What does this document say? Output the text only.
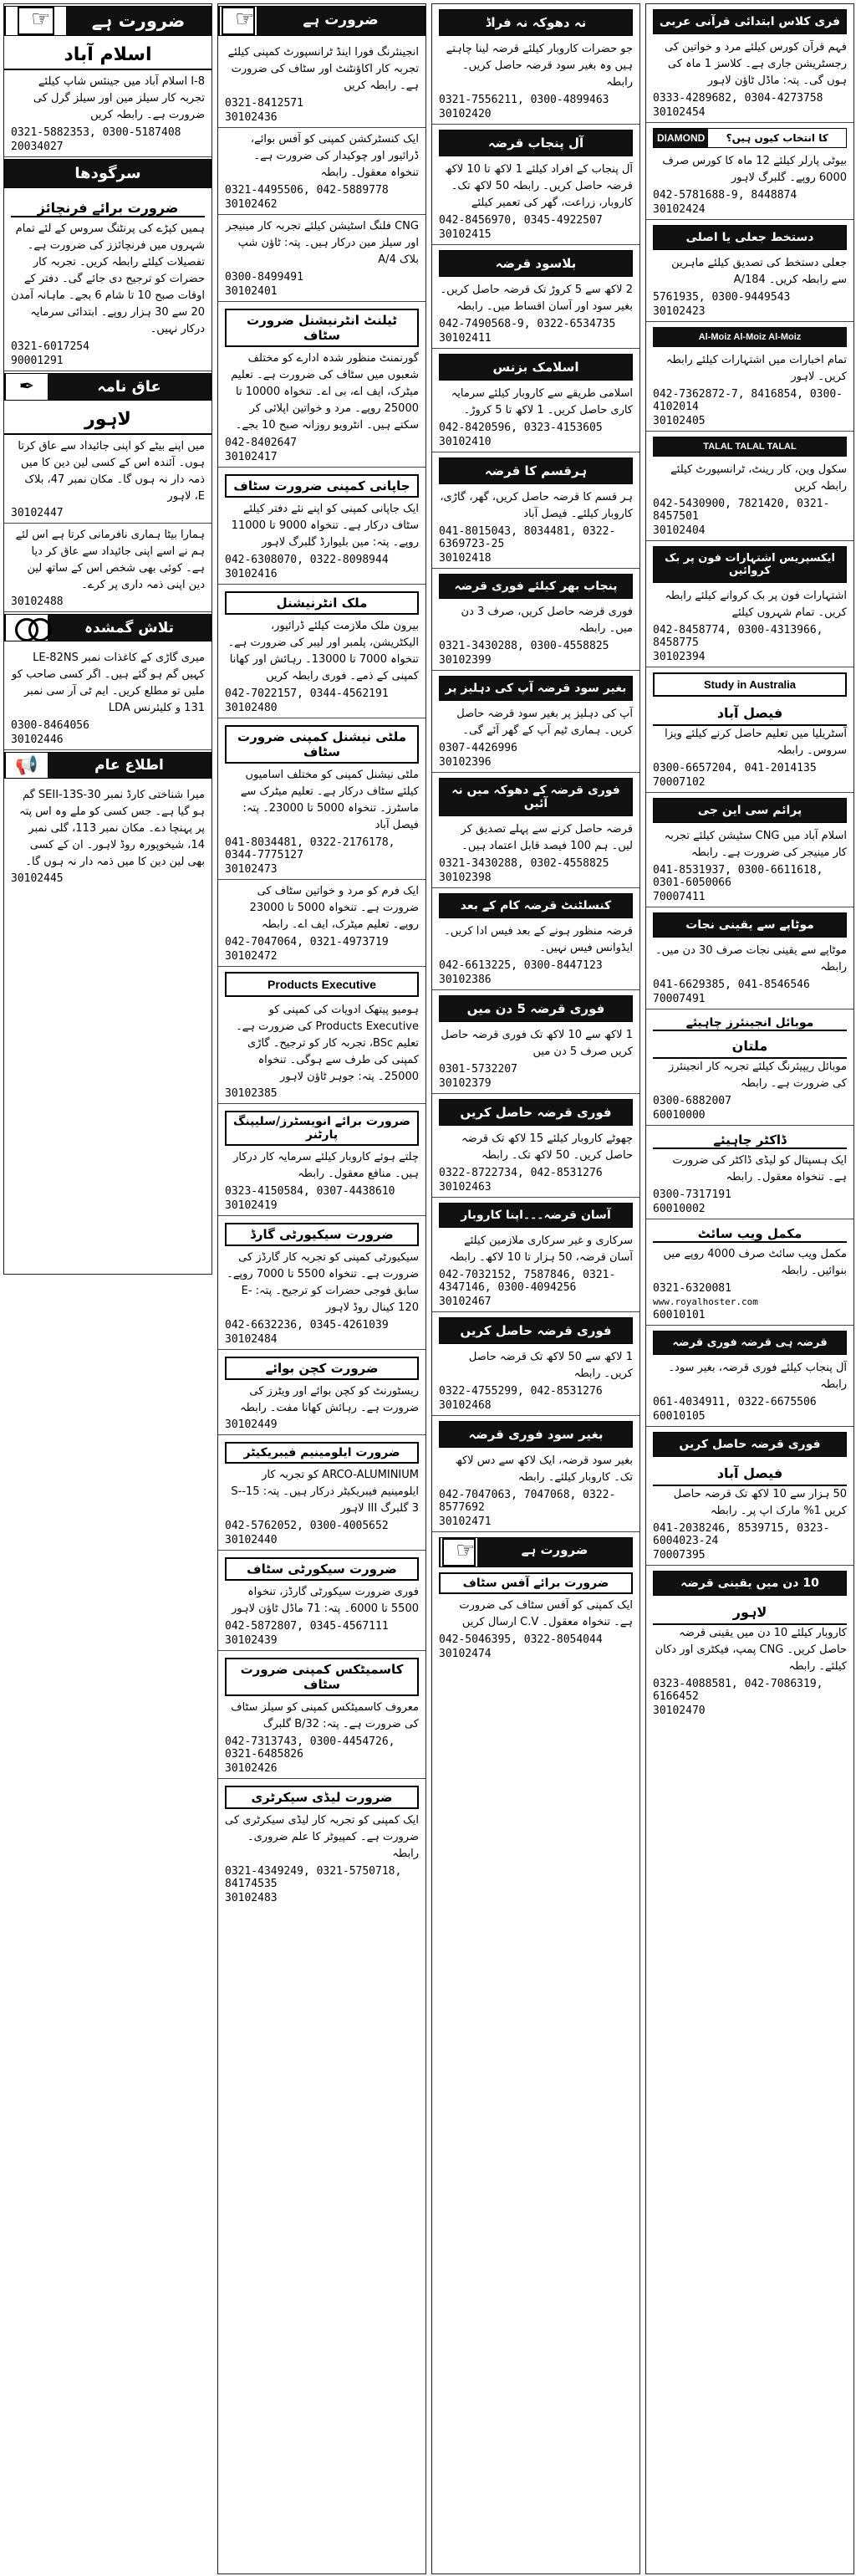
☞
ضرورت ہے
اسلام آباد
I-8 اسلام آباد میں جینئس شاپ کیلئے تجربہ کار سیلز مین اور سیلز گرل کی ضرورت ہے۔ رابطہ کریں
0321-5882353, 0300-5187408
20034027
سرگودھا
ضرورت برائے فرنچائز
ہمیں کپڑے کی پرنٹنگ سروس کے لئے تمام شہروں میں فرنچائزز کی ضرورت ہے۔ تفصیلات کیلئے رابطہ کریں۔ تجربہ کار حضرات کو ترجیح دی جائے گی۔ دفتر کے اوقات صبح 10 تا شام 6 بجے۔ ماہانہ آمدن 20 سے 30 ہزار روپے۔ ابتدائی سرمایہ درکار نہیں۔
0321-6017254
90001291
✒	عاق نامہ
لاہور
میں اپنے بیٹے کو اپنی جائیداد سے عاق کرتا ہوں۔ آئندہ اس کے کسی لین دین کا میں ذمہ دار نہ ہوں گا۔ مکان نمبر 47، بلاک E، لاہور
30102447
ہمارا بیٹا ہماری نافرمانی کرتا ہے اس لئے ہم نے اسے اپنی جائیداد سے عاق کر دیا ہے۔ کوئی بھی شخص اس کے ساتھ لین دین اپنی ذمہ داری پر کرے۔
30102488
تلاش گمشدہ
میری گاڑی کے کاغذات نمبر LE-82NS کہیں گم ہو گئے ہیں۔ اگر کسی صاحب کو ملیں تو مطلع کریں۔ ایم ٹی آر سی نمبر 131 و کلیئرنس LDA
0300-8464056
30102446
📢	اطلاع عام
میرا شناختی کارڈ نمبر SEII-13S-30 گم ہو گیا ہے۔ جس کسی کو ملے وہ اس پتہ پر پہنچا دے۔ مکان نمبر 113، گلی نمبر 14، شیخوپورہ روڈ لاہور۔ ان کے کسی بھی لین دین کا میں ذمہ دار نہ ہوں گا۔
30102445
☞
ضرورت ہے
انجینئرنگ فورا اینڈ ٹرانسپورٹ کمپنی کیلئے تجربہ کار اکاؤنٹنٹ اور سٹاف کی ضرورت ہے۔ رابطہ کریں
0321-8412571
30102436
ایک کنسٹرکشن کمپنی کو آفس بوائے، ڈرائیور اور چوکیدار کی ضرورت ہے۔ تنخواہ معقول۔ رابطہ
0321-4495506, 042-5889778
30102462
CNG فلنگ اسٹیشن کیلئے تجربہ کار مینیجر اور سیلز مین درکار ہیں۔ پتہ: ٹاؤن شپ بلاک 4/A
0300-8499491
30102401
ٹیلنٹ انٹرنیشنل ضرورت سٹاف
گورنمنٹ منظور شدہ ادارے کو مختلف شعبوں میں سٹاف کی ضرورت ہے۔ تعلیم میٹرک، ایف اے، بی اے۔ تنخواہ 10000 تا 25000 روپے۔ مرد و خواتین اپلائی کر سکتے ہیں۔ انٹرویو روزانہ صبح 10 بجے۔
042-8402647
30102417
جاپانی کمپنی ضرورت سٹاف
ایک جاپانی کمپنی کو اپنے نئے دفتر کیلئے سٹاف درکار ہے۔ تنخواہ 9000 تا 11000 روپے۔ پتہ: مین بلیوارڈ گلبرگ لاہور
042-6308070, 0322-8098944
30102416
ملک انٹرنیشنل
بیرون ملک ملازمت کیلئے ڈرائیور، الیکٹریشن، پلمبر اور لیبر کی ضرورت ہے۔ تنخواہ 7000 تا 13000۔ رہائش اور کھانا کمپنی کے ذمے۔ فوری رابطہ کریں
042-7022157, 0344-4562191
30102480
ملٹی نیشنل کمپنی ضرورت سٹاف
ملٹی نیشنل کمپنی کو مختلف اسامیوں کیلئے سٹاف درکار ہے۔ تعلیم میٹرک سے ماسٹرز۔ تنخواہ 5000 تا 23000۔ پتہ: فیصل آباد
041-8034481, 0322-2176178, 0344-7775127
30102473
ایک فرم کو مرد و خواتین سٹاف کی ضرورت ہے۔ تنخواہ 5000 تا 23000 روپے۔ تعلیم میٹرک، ایف اے۔ رابطہ
042-7047064, 0321-4973719
30102472
Products Executive
ہومیو پیتھک ادویات کی کمپنی کو Products Executive کی ضرورت ہے۔ تعلیم BSc، تجربہ کار کو ترجیح۔ گاڑی کمپنی کی طرف سے ہوگی۔ تنخواہ 25000۔ پتہ: جوہر ٹاؤن لاہور
30102385
ضرورت برائے انویسٹرز/سلیپنگ پارٹنر
چلتے ہوئے کاروبار کیلئے سرمایہ کار درکار ہیں۔ منافع معقول۔ رابطہ
0323-4150584, 0307-4438610
30102419
ضرورت سیکیورٹی گارڈ
سیکیورٹی کمپنی کو تجربہ کار گارڈز کی ضرورت ہے۔ تنخواہ 5500 تا 7000 روپے۔ سابق فوجی حضرات کو ترجیح۔ پتہ: E-120 کینال روڈ لاہور
042-6632236, 0345-4261039
30102484
ضرورت کچن بوائے
ریسٹورنٹ کو کچن بوائے اور ویٹرز کی ضرورت ہے۔ رہائش کھانا مفت۔ رابطہ
30102449
ضرورت ایلومینیم فیبریکیٹر
ARCO-ALUMINIUM کو تجربہ کار ایلومینیم فیبریکیٹر درکار ہیں۔ پتہ: 15-S-3 گلبرگ III لاہور
042-5762052, 0300-4005652
30102440
ضرورت سیکورٹی سٹاف
فوری ضرورت سیکورٹی گارڈز، تنخواہ 5500 تا 6000۔ پتہ: 71 ماڈل ٹاؤن لاہور
042-5872807, 0345-4567111
30102439
کاسمیٹکس کمپنی ضرورت سٹاف
معروف کاسمیٹکس کمپنی کو سیلز سٹاف کی ضرورت ہے۔ پتہ: 32/B گلبرگ
042-7313743, 0300-4454726, 0321-6485826
30102426
ضرورت لیڈی سیکرٹری
ایک کمپنی کو تجربہ کار لیڈی سیکرٹری کی ضرورت ہے۔ کمپیوٹر کا علم ضروری۔ رابطہ
0321-4349249, 0321-5750718, 84174535
30102483
نہ دھوکہ نہ فراڈ
جو حضرات کاروبار کیلئے قرضہ لینا چاہتے ہیں وہ بغیر سود قرضہ حاصل کریں۔ رابطہ
0321-7556211, 0300-4899463
30102420
آل پنجاب قرضہ
آل پنجاب کے افراد کیلئے 1 لاکھ تا 10 لاکھ قرضہ حاصل کریں۔ رابطہ 50 لاکھ تک۔ کاروبار، زراعت، گھر کی تعمیر کیلئے
042-8456970, 0345-4922507
30102415
بلاسود قرضہ
2 لاکھ سے 5 کروڑ تک قرضہ حاصل کریں۔ بغیر سود اور آسان اقساط میں۔ رابطہ
042-7490568-9, 0322-6534735
30102411
اسلامک بزنس
اسلامی طریقے سے کاروبار کیلئے سرمایہ کاری حاصل کریں۔ 1 لاکھ تا 5 کروڑ۔
042-8420596, 0323-4153605
30102410
ہرقسم کا قرضہ
ہر قسم کا قرضہ حاصل کریں، گھر، گاڑی، کاروبار کیلئے۔ فیصل آباد
041-8015043, 8034481, 0322-6369723-25
30102418
پنجاب بھر کیلئے فوری قرضہ
فوری قرضہ حاصل کریں، صرف 3 دن میں۔ رابطہ
0321-3430288, 0300-4558825
30102399
بغیر سود قرضہ آپ کی دہلیز پر
آپ کی دہلیز پر بغیر سود قرضہ حاصل کریں۔ ہماری ٹیم آپ کے گھر آئے گی۔
0307-4426996
30102396
فوری قرضہ کے دھوکہ میں نہ آئیں
قرضہ حاصل کرنے سے پہلے تصدیق کر لیں۔ ہم 100 فیصد قابل اعتماد ہیں۔
0321-3430288, 0302-4558825
30102398
کنسلٹنٹ قرضہ کام کے بعد
قرضہ منظور ہونے کے بعد فیس ادا کریں۔ ایڈوانس فیس نہیں۔
042-6613225, 0300-8447123
30102386
فوری قرضہ 5 دن میں
1 لاکھ سے 10 لاکھ تک فوری قرضہ حاصل کریں صرف 5 دن میں
0301-5732207
30102379
فوری قرضہ حاصل کریں
چھوٹے کاروبار کیلئے 15 لاکھ تک قرضہ حاصل کریں۔ 50 لاکھ تک۔ رابطہ
0322-8722734, 042-8531276
30102463
آسان قرضہ۔۔۔اپنا کاروبار
سرکاری و غیر سرکاری ملازمین کیلئے آسان قرضہ، 50 ہزار تا 10 لاکھ۔ رابطہ
042-7032152, 7587846, 0321-4347146, 0300-4094256
30102467
فوری قرضہ حاصل کریں
1 لاکھ سے 50 لاکھ تک قرضہ حاصل کریں۔ رابطہ
0322-4755299, 042-8531276
30102468
بغیر سود فوری قرضہ
بغیر سود قرضہ، ایک لاکھ سے دس لاکھ تک۔ کاروبار کیلئے۔ رابطہ
042-7047063, 7047068, 0322-8577692
30102471
☞
ضرورت ہے
ضرورت برائے آفس سٹاف
ایک کمپنی کو آفس سٹاف کی ضرورت ہے۔ تنخواہ معقول۔ C.V ارسال کریں
042-5046395, 0322-8054044
30102474
فری کلاس ابتدائی قرآنی عربی
فہم قرآن کورس کیلئے مرد و خواتین کی رجسٹریشن جاری ہے۔ کلاسز 1 ماہ کی ہوں گی۔ پتہ: ماڈل ٹاؤن لاہور
0333-4289682, 0304-4273758
30102454
DIAMOND	کا انتخاب کیوں ہیں؟
بیوٹی پارلر کیلئے 12 ماہ کا کورس صرف 6000 روپے۔ گلبرگ لاہور
042-5781688-9, 8448874
30102424
دستخط جعلی یا اصلی
جعلی دستخط کی تصدیق کیلئے ماہرین سے رابطہ کریں۔ 184/A
5761935, 0300-9449543
30102423
Al-Moiz Al-Moiz Al-Moiz
تمام اخبارات میں اشتہارات کیلئے رابطہ کریں۔ لاہور
042-7362872-7, 8416854, 0300-4102014
30102405
TALAL TALAL TALAL
سکول وین، کار رینٹ، ٹرانسپورٹ کیلئے رابطہ کریں
042-5430900, 7821420, 0321-8457501
30102404
ایکسپریس اشتہارات فون پر بک کروائیں
اشتہارات فون پر بک کروانے کیلئے رابطہ کریں۔ تمام شہروں کیلئے
042-8458774, 0300-4313966, 8458775
30102394
Study in Australia
فیصل آباد
آسٹریلیا میں تعلیم حاصل کرنے کیلئے ویزا سروس۔ رابطہ
0300-6657204, 041-2014135
70007102
پرائم سی این جی
اسلام آباد میں CNG سٹیشن کیلئے تجربہ کار مینیجر کی ضرورت ہے۔ رابطہ
041-8531937, 0300-6611618, 0301-6050066
70007411
موٹاپے سے یقینی نجات
موٹاپے سے یقینی نجات صرف 30 دن میں۔ رابطہ
041-6629385, 041-8546546
70007491
موبائل انجینئرز چاہیئے
ملتان
موبائل ریپیئرنگ کیلئے تجربہ کار انجینئرز کی ضرورت ہے۔ رابطہ
0300-6882007
60010000
ڈاکٹر چاہیئے
ایک ہسپتال کو لیڈی ڈاکٹر کی ضرورت ہے۔ تنخواہ معقول۔ رابطہ
0300-7317191
60010002
مکمل ویب سائٹ
مکمل ویب سائٹ صرف 4000 روپے میں بنوائیں۔ رابطہ
0321-6320081
www.royalhoster.com
60010101
قرضہ ہی قرضہ فوری قرضہ
آل پنجاب کیلئے فوری قرضہ، بغیر سود۔ رابطہ
061-4034911, 0322-6675506
60010105
فوری قرضہ حاصل کریں
فیصل آباد
50 ہزار سے 10 لاکھ تک قرضہ حاصل کریں 1% مارک اپ پر۔ رابطہ
041-2038246, 8539715, 0323-6004023-24
70007395
10 دن میں یقینی قرضہ
لاہور
کاروبار کیلئے 10 دن میں یقینی قرضہ حاصل کریں۔ CNG پمپ، فیکٹری اور دکان کیلئے۔ رابطہ
0323-4088581, 042-7086319, 6166452
30102470
